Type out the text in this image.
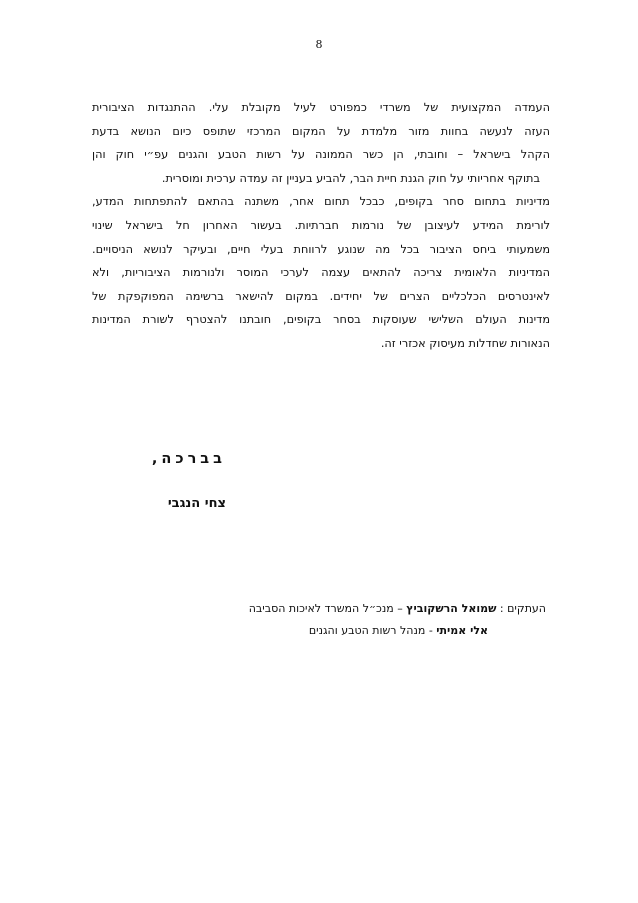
8
העמדה המקצועית של משרדי כמפורט לעיל מקובלת עלי. ההתנגדות הציבורית
העזה לנעשה בחוות מזור מלמדת על המקום המרכזי שתופס כיום הנושא בדעת
הקהל בישראל – וחובתי, הן כשר הממונה על רשות הטבע והגנים עפ״י חוק והן
בתוקף אחריותי על חוק הגנת חיית הבר, להביע בעניין זה עמדה ערכית ומוסרית.
מדיניות בתחום סחר בקופים, כבכל תחום אחר, משתנה בהתאם להתפתחות המדע,
לורימת המידע לעיצובן של נורמות חברתיות. בעשור האחרון חל בישראל שינוי
משמעותי ביחס הציבור בכל מה שנוגע לרווחת בעלי חיים, ובעיקר לנושא הניסויים.
המדיניות הלאומית צריכה להתאים עצמה לערכי המוסר ולנורמות הציבוריות, ולא
לאינטרסים הכלכליים הצרים של יחידים. במקום להישאר ברשימה המפוקפקת של
מדינות העולם השלישי שעוסקות בסחר בקופים, חובתנו להצטרף לשורת המדינות
הנאורות שחדלות מעיסוק אכזרי זה.
בברכה,
צחי הנגבי
העתקים : שמואל הרשקוביץ – מנכ״ל המשרד לאיכות הסביבה
אלי אמיתי - מנהל רשות הטבע והגנים
